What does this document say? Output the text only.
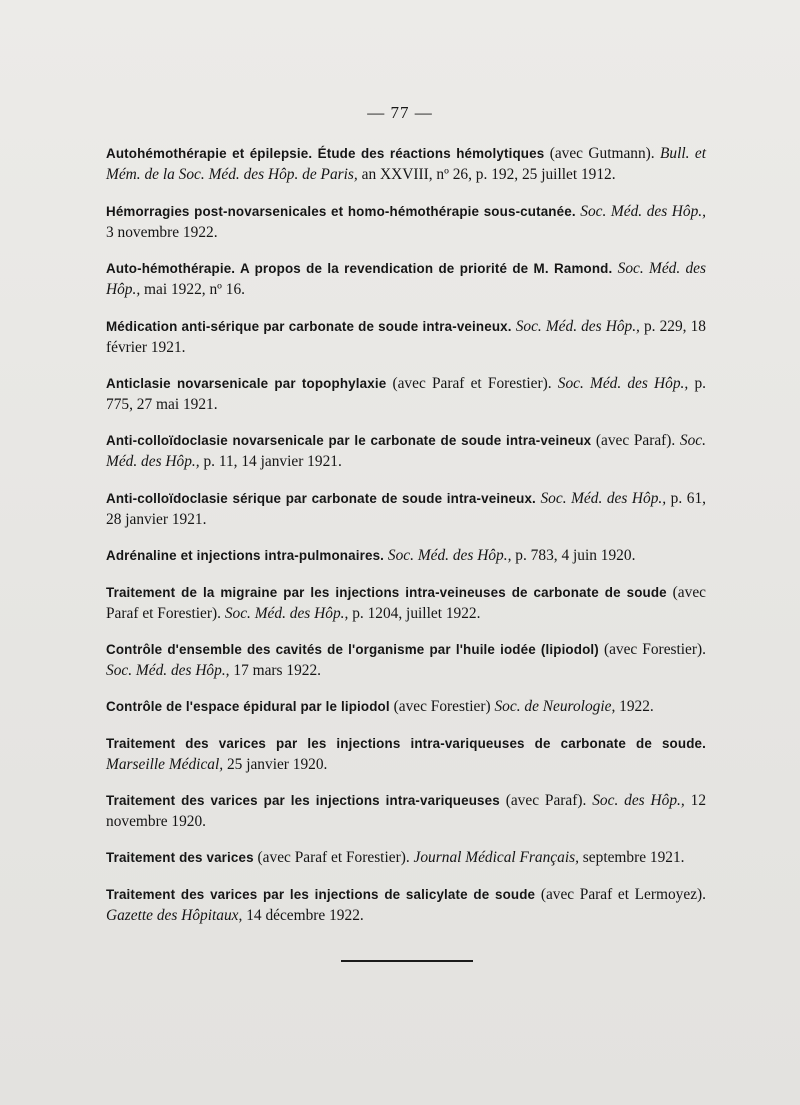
— 77 —

Autohémothérapie et épilepsie. Étude des réactions hémolytiques (avec Gutmann). Bull. et Mém. de la Soc. Méd. des Hôp. de Paris, an XXVIII, nº 26, p. 192, 25 juillet 1912.

Hémorragies post-novarsenicales et homo-hémothérapie sous-cutanée. Soc. Méd. des Hôp., 3 novembre 1922.

Auto-hémothérapie. A propos de la revendication de priorité de M. Ramond. Soc. Méd. des Hôp., mai 1922, nº 16.

Médication anti-sérique par carbonate de soude intra-veineux. Soc. Méd. des Hôp., p. 229, 18 février 1921.

Anticlasie novarsenicale par topophylaxie (avec Paraf et Forestier). Soc. Méd. des Hôp., p. 775, 27 mai 1921.

Anti-colloïdoclasie novarsenicale par le carbonate de soude intra-veineux (avec Paraf). Soc. Méd. des Hôp., p. 11, 14 janvier 1921.

Anti-colloïdoclasie sérique par carbonate de soude intra-veineux. Soc. Méd. des Hôp., p. 61, 28 janvier 1921.

Adrénaline et injections intra-pulmonaires. Soc. Méd. des Hôp., p. 783, 4 juin 1920.

Traitement de la migraine par les injections intra-veineuses de carbonate de soude (avec Paraf et Forestier). Soc. Méd. des Hôp., p. 1204, juillet 1922.

Contrôle d'ensemble des cavités de l'organisme par l'huile iodée (lipiodol) (avec Forestier). Soc. Méd. des Hôp., 17 mars 1922.

Contrôle de l'espace épidural par le lipiodol (avec Forestier) Soc. de Neurologie, 1922.

Traitement des varices par les injections intra-variqueuses de carbonate de soude. Marseille Médical, 25 janvier 1920.

Traitement des varices par les injections intra-variqueuses (avec Paraf). Soc. des Hôp., 12 novembre 1920.

Traitement des varices (avec Paraf et Forestier). Journal Médical Français, septembre 1921.

Traitement des varices par les injections de salicylate de soude (avec Paraf et Lermoyez). Gazette des Hôpitaux, 14 décembre 1922.
